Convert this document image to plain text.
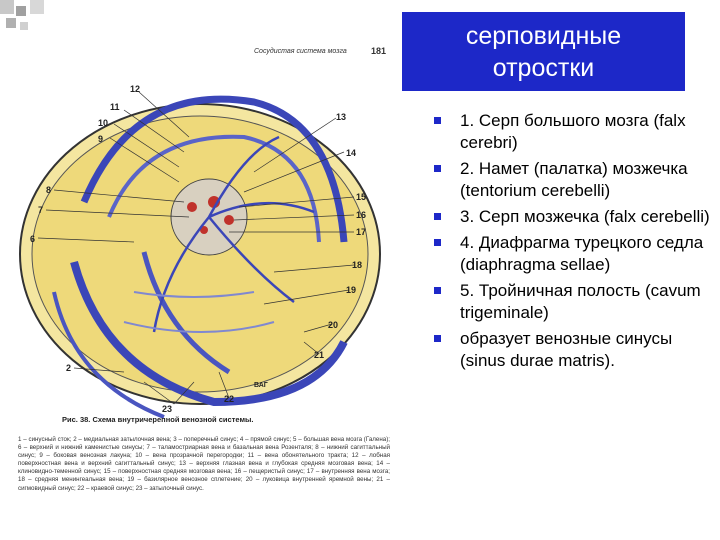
серповидные
отростки
12
11
10
9
8
7
6
13
14
15
16
17
18
19
20
21
2
22
23
ВАГ
Сосудистая система мозга	181
Рис. 38. Схема внутричерепной венозной системы.
1 – синусный сток; 2 – медиальная затылочная вена; 3 – поперечный синус; 4 – прямой синус; 5 – большая вена мозга (Галена); 6 – верхний и нижний каменистые синусы; 7 – таламостриарная вена и базальная вена Розенталя; 8 – нижний сагиттальный синус; 9 – боковая венозная лакуна; 10 – вена прозрачной перегородки; 11 – вена обонятельного тракта; 12 – лобная поверхностная вена и верхний сагиттальный синус; 13 – верхняя глазная вена и глубокая средняя мозговая вена; 14 – клиновидно-теменной синус; 15 – поверхностная средняя мозговая вена; 16 – пещеристый синус; 17 – внутренняя вена мозга; 18 – средняя менингеальная вена; 19 – базилярное венозное сплетение; 20 – луковица внутренней яремной вены; 21 – сигмовидный синус; 22 – краевой синус; 23 – затылочный синус.
1. Серп большого мозга (falx cerebri)
2. Намет (палатка) мозжечка (tentorium cerebelli)
3. Серп мозжечка (falx cerebelli)
4. Диафрагма турецкого седла (diaphragma sellae)
5. Тройничная полость (cavum trigeminale)
образует венозные синусы (sinus durae matris).
